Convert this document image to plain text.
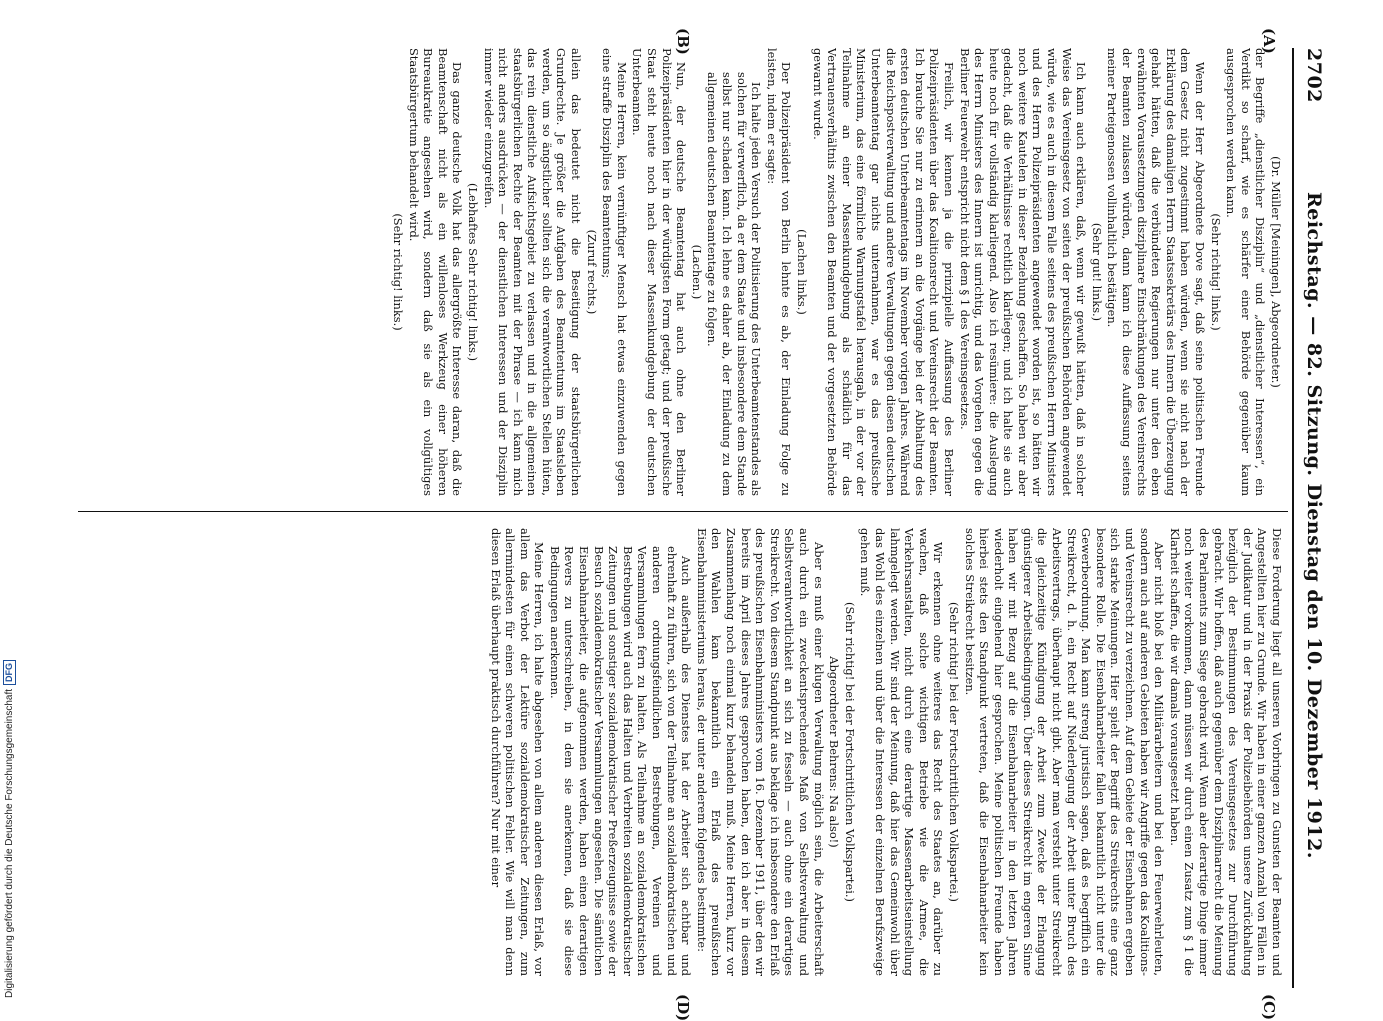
2702
Reichstag. — 82. Sitzung. Dienstag den 10. Dezember 1912.
(A)
(B)
(C)
(D)

(Dr. Müller [Meiningen], Abgeordneter.)

der Begriffe „dienstlicher Disziplin“ und „dienstlicher Interessen“, ein Verdikt so scharf, wie es schärfer einer Behörde gegenüber kaum ausgesprochen werden kann.

(Sehr richtig! links.)

Wenn der Herr Abgeordnete Dove sagt, daß seine politischen Freunde dem Gesetz nicht zugestimmt haben würden, wenn sie nicht nach der Erklärung des damaligen Herrn Staatssekretärs des Innern die Überzeugung gehabt hätten, daß die verbündeten Regierungen nur unter den eben erwähnten Voraussetzungen disziplinare Einschränkungen des Vereinsrechts der Beamten zulassen würden, dann kann ich diese Auffassung seitens meiner Parteigenossen vollinhaltlich bestätigen.

(Sehr gut! links.)

Ich kann auch erklären, daß, wenn wir gewußt hätten, daß in solcher Weise das Vereinsgesetz von seiten der preußischen Behörden angewendet würde, wie es auch in diesem Falle seitens des preußischen Herrn Ministers und des Herrn Polizeipräsidenten angewendet worden ist, so hätten wir noch weitere Kautelen in dieser Beziehung geschaffen. So haben wir aber gedacht, daß die Verhältnisse rechtlich klarliegen; und ich halte sie auch heute noch für vollständig klarliegend. Also ich resümiere: die Auslegung des Herrn Ministers des Innern ist unrichtig, und das Vorgehen gegen die Berliner Feuerwehr entspricht nicht dem § 1 des Vereinsgesetzes.

Freilich, wir kennen ja die prinzipielle Auffassung des Berliner Polizeipräsidenten über das Koalitionsrecht und Vereinsrecht der Beamten. Ich brauche Sie nur zu erinnern an die Vorgänge bei der Abhaltung des ersten deutschen Unterbeamtentags im November vorigen Jahres. Während die Reichspostverwaltung und andere Verwaltungen gegen diesen deutschen Unterbeamtentag gar nichts unternahmen, war es das preußische Ministerium, das eine förmliche Warnungstafel herausgab, in der vor der Teilnahme an einer Massenkundgebung als schädlich für das Vertrauensverhältnis zwischen den Beamten und der vorgesetzten Behörde gewarnt wurde.

(Lachen links.)

Der Polizeipräsident von Berlin lehnte es ab, der Einladung Folge zu leisten, indem er sagte:

Ich halte jeden Versuch der Politisierung des Unterbeamtenstandes als solchen für verwerflich, da er dem Staate und insbesondere dem Stande selbst nur schaden kann. Ich lehne es daher ab, der Einladung zu dem allgemeinen deutschen Beamtentage zu folgen.

(Lachen.)

Nun, der deutsche Beamtentag hat auch ohne den Berliner Polizeipräsidenten hier in der würdigsten Form getagt; und der preußische Staat steht heute noch nach dieser Massenkundgebung der deutschen Unterbeamten.

Meine Herren, kein vernünftiger Mensch hat etwas einzuwenden gegen eine straffe Disziplin des Beamtentums;

(Zuruf rechts.)

allein das bedeutet nicht die Beseitigung der staatsbürgerlichen Grundrechte. Je größer die Aufgaben des Beamtentums im Staatsleben werden, um so ängstlicher sollten sich die verantwortlichen Stellen hüten, das rein dienstliche Aufsichtsgebiet zu verlassen und in die allgemeinen staatsbürgerlichen Rechte der Beamten mit der Phrase — ich kann mich nicht anders ausdrücken — der dienstlichen Interessen und der Disziplin immer wieder einzugreifen.

(Lebhaftes Sehr richtig! links.)

Das ganze deutsche Volk hat das allergrößte Interesse daran, daß die Beamtenschaft nicht als ein willenloses Werkzeug einer höheren Bureaukratie angesehen wird, sondern daß sie als ein vollgültiges Staatsbürgertum behandelt wird.

(Sehr richtig! links.)

Diese Forderung liegt all unseren Vorbringen zu Gunsten der Beamten und Angestellten hier zu Grunde. Wir haben in einer ganzen Anzahl von Fällen in der Judikatur und in der Praxis der Polizeibehörden unsere Zurückhaltung bezüglich der Bestimmungen des Vereinsgesetzes zur Durchführung gebracht. Wir hoffen, daß auch gegenüber dem Disziplinarrecht die Meinung des Parlaments zum Siege gebracht wird. Wenn aber derartige Dinge immer noch weiter vorkommen, dann müssen wir durch einen Zusatz zum § 1 die Klarheit schaffen, die wir damals vorausgesetzt haben.

Aber nicht bloß bei den Militärarbeitern und bei den Feuerwehrleuten, sondern auch auf anderen Gebieten haben wir Angriffe gegen das Koalitions- und Vereinsrecht zu verzeichnen. Auf dem Gebiete der Eisenbahnen ergeben sich starke Meinungen. Hier spielt der Begriff des Streikrechts eine ganz besondere Rolle. Die Eisenbahnarbeiter fallen bekanntlich nicht unter die Gewerbeordnung. Man kann streng juristisch sagen, daß es begrifflich ein Streikrecht, d. h. ein Recht auf Niederlegung der Arbeit unter Bruch des Arbeitsvertrags, überhaupt nicht gibt. Aber man versteht unter Streikrecht die gleichzeitige Kündigung der Arbeit zum Zwecke der Erlangung günstigerer Arbeitsbedingungen. Über dieses Streikrecht im engeren Sinne haben wir mit Bezug auf die Eisenbahnarbeiter in den letzten Jahren wiederholt eingehend hier gesprochen. Meine politischen Freunde haben hierbei stets den Standpunkt vertreten, daß die Eisenbahnarbeiter kein solches Streikrecht besitzen.

(Sehr richtig! bei der Fortschrittlichen Volkspartei.)

Wir erkennen ohne weiteres das Recht des Staates an, darüber zu wachen, daß solche wichtigen Betriebe wie die Armee, die Verkehrsanstalten, nicht durch eine derartige Massenarbeitseinstellung lahmgelegt werden. Wir sind der Meinung, daß hier das Gemeinwohl über das Wohl des einzelnen und über die Interessen der einzelnen Berufszweige gehen muß.

(Sehr richtig! bei der Fortschrittlichen Volkspartei.)

Abgeordneter Behrens: Na also!)

Aber es muß einer klugen Verwaltung möglich sein, die Arbeiterschaft auch durch ein zweckentsprechendes Maß von Selbstverwaltung und Selbstverantwortlichkeit an sich zu fesseln — auch ohne ein derartiges Streikrecht. Von diesem Standpunkt aus beklage ich insbesondere den Erlaß des preußischen Eisenbahnministers vom 16. Dezember 1911, über den wir bereits im April dieses Jahres gesprochen haben, den ich aber in diesem Zusammenhang noch einmal kurz behandeln muß. Meine Herren, kurz vor den Wahlen kam bekanntlich ein Erlaß des preußischen Eisenbahnministeriums heraus, der unter anderem folgendes bestimmte:

Auch außerhalb des Dienstes hat der Arbeiter sich achtbar und ehrenhaft zu führen, sich von der Teilnahme an sozialdemokratischen und anderen ordnungsfeindlichen Bestrebungen, Vereinen und Versammlungen fern zu halten. Als Teilnahme an sozialdemokratischen Bestrebungen wird auch das Halten und Verbreiten sozialdemokratischer Zeitungen und sonstiger sozialdemokratischer Preßerzeugnisse sowie der Besuch sozialdemokratischer Versammlungen angesehen. Die sämtlichen Eisenbahnarbeiter, die aufgenommen werden, haben einen derartigen Revers zu unterschreiben, in dem sie anerkennen, daß sie diese Bedingungen anerkennen.

Meine Herren, ich halte abgesehen von allem anderen diesen Erlaß, vor allem das Verbot der Lektüre sozialdemokratischer Zeitungen, zum allermindesten für einen schweren politischen Fehler. Wie will man denn diesen Erlaß überhaupt praktisch durchführen? Nur mit einer

Digitalisierung gefördert durch die Deutsche Forschungsgemeinschaft
DFG
